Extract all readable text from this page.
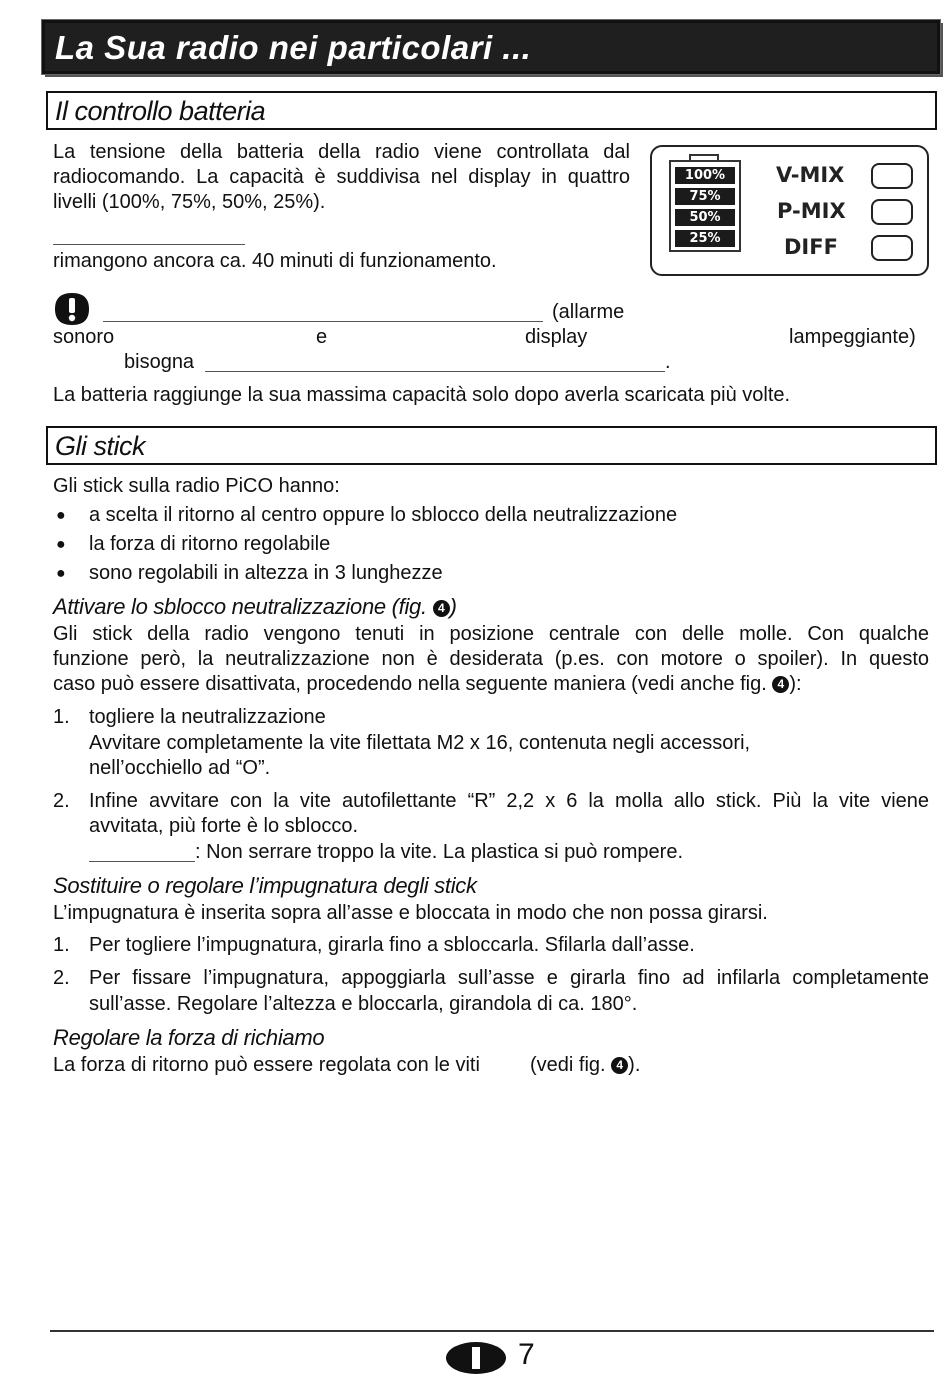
La Sua radio nei particolari ...
Il controllo batteria
La tensione della batteria della radio viene controllata dal
radiocomando. La capacità è suddivisa nel display in quattro
livelli (100%, 75%, 50%, 25%).
rimangono ancora ca. 40 minuti di funzionamento.
100%
75%
50%
25%
V-MIX
P-MIX
DIFF
(allarme
sonoro	e	display	lampeggiante)
bisogna	.
La batteria raggiunge la sua massima capacità solo dopo averla scaricata più volte.
Gli stick
Gli stick sulla radio PiCO hanno:
● a scelta il ritorno al centro oppure lo sblocco della neutralizzazione
● la forza di ritorno regolabile
● sono regolabili in altezza in 3 lunghezze
Attivare lo sblocco neutralizzazione (fig. 4 )
Gli stick della radio vengono tenuti in posizione centrale con delle molle. Con qualche
funzione però, la neutralizzazione non è desiderata (p.es. con motore o spoiler). In questo
caso può essere disattivata, procedendo nella seguente maniera (vedi anche fig. 4 ):
1. togliere la neutralizzazione
Avvitare completamente la vite filettata M2 x 16, contenuta negli accessori,
nell’occhiello ad “O”.
2. Infine avvitare con la vite autofilettante “R” 2,2 x 6 la molla allo stick. Più la vite viene
avvitata, più forte è lo sblocco.
: Non serrare troppo la vite. La plastica si può rompere.
Sostituire o regolare l’impugnatura degli stick
L’impugnatura è inserita sopra all’asse e bloccata in modo che non possa girarsi.
1. Per togliere l’impugnatura, girarla fino a sbloccarla. Sfilarla dall’asse.
2. Per fissare l’impugnatura, appoggiarla sull’asse e girarla fino ad infilarla completamente
sull’asse. Regolare l’altezza e bloccarla, girandola di ca. 180°.
Regolare la forza di richiamo
La forza di ritorno può essere regolata con le viti	(vedi fig. 4 ).
7
